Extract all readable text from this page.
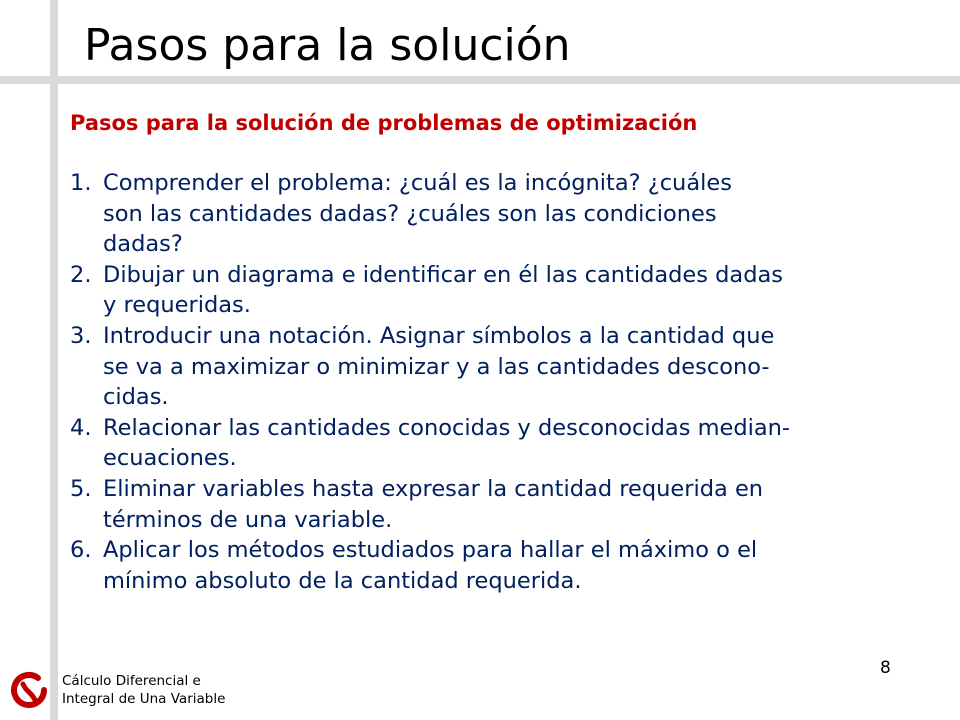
Pasos para la solución
Pasos para la solución de problemas de optimización
1. Comprender el problema: ¿cuál es la incógnita? ¿cuáles
son las cantidades dadas? ¿cuáles son las condiciones
dadas?
2. Dibujar un diagrama e identificar en él las cantidades dadas
y requeridas.
3. Introducir una notación. Asignar símbolos a la cantidad que
se va a maximizar o minimizar y a las cantidades descono-
cidas.
4. Relacionar las cantidades conocidas y desconocidas median-
ecuaciones.
5. Eliminar variables hasta expresar la cantidad requerida en
términos de una variable.
6. Aplicar los métodos estudiados para hallar el máximo o el
mínimo absoluto de la cantidad requerida.
Cálculo Diferencial e
Integral de Una Variable
8
